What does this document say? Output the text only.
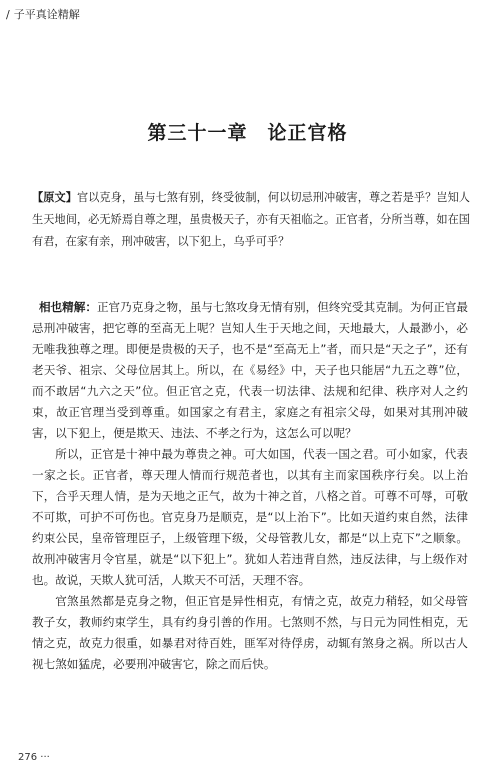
/ 子平真诠精解
第三十一章　论正官格
【原文】官以克身，虽与七煞有别，终受彼制，何以切忌刑冲破害，尊之若是乎？岂知人生天地间，必无矫焉自尊之理，虽贵极天子，亦有天祖临之。正官者，分所当尊，如在国有君，在家有亲，刑冲破害，以下犯上，乌乎可乎？

相也精解：正官乃克身之物，虽与七煞攻身无情有别，但终究受其克制。为何正官最忌刑冲破害，把它尊的至高无上呢？岂知人生于天地之间，天地最大，人最渺小，必无唯我独尊之理。即便是贵极的天子，也不是“至高无上”者，而只是“天之子”，还有老天爷、祖宗、父母位居其上。所以，在《易经》中，天子也只能居“九五之尊”位，而不敢居“九六之天”位。但正官之克，代表一切法律、法规和纪律、秩序对人之约束，故正官理当受到尊重。如国家之有君主，家庭之有祖宗父母，如果对其刑冲破害，以下犯上，便是欺天、违法、不孝之行为，这怎么可以呢？

所以，正官是十神中最为尊贵之神。可大如国，代表一国之君。可小如家，代表一家之长。正官者，尊天理人情而行规范者也，以其有主而家国秩序行矣。以上治下，合乎天理人情，是为天地之正气，故为十神之首，八格之首。可尊不可辱，可敬不可欺，可护不可伤也。官克身乃是顺克，是“以上治下”。比如天道约束自然，法律约束公民，皇帝管理臣子，上级管理下级，父母管教儿女，都是“以上克下”之顺象。故刑冲破害月令官星，就是“以下犯上”。犹如人若违背自然，违反法律，与上级作对也。故说，天欺人犹可活，人欺天不可活，天理不容。

官煞虽然都是克身之物，但正官是异性相克，有情之克，故克力稍轻，如父母管教子女，教师约束学生，具有约身引善的作用。七煞则不然，与日元为同性相克，无情之克，故克力很重，如暴君对待百姓，匪军对待俘虏，动辄有煞身之祸。所以古人视七煞如猛虎，必要刑冲破害它，除之而后快。

276 ···
